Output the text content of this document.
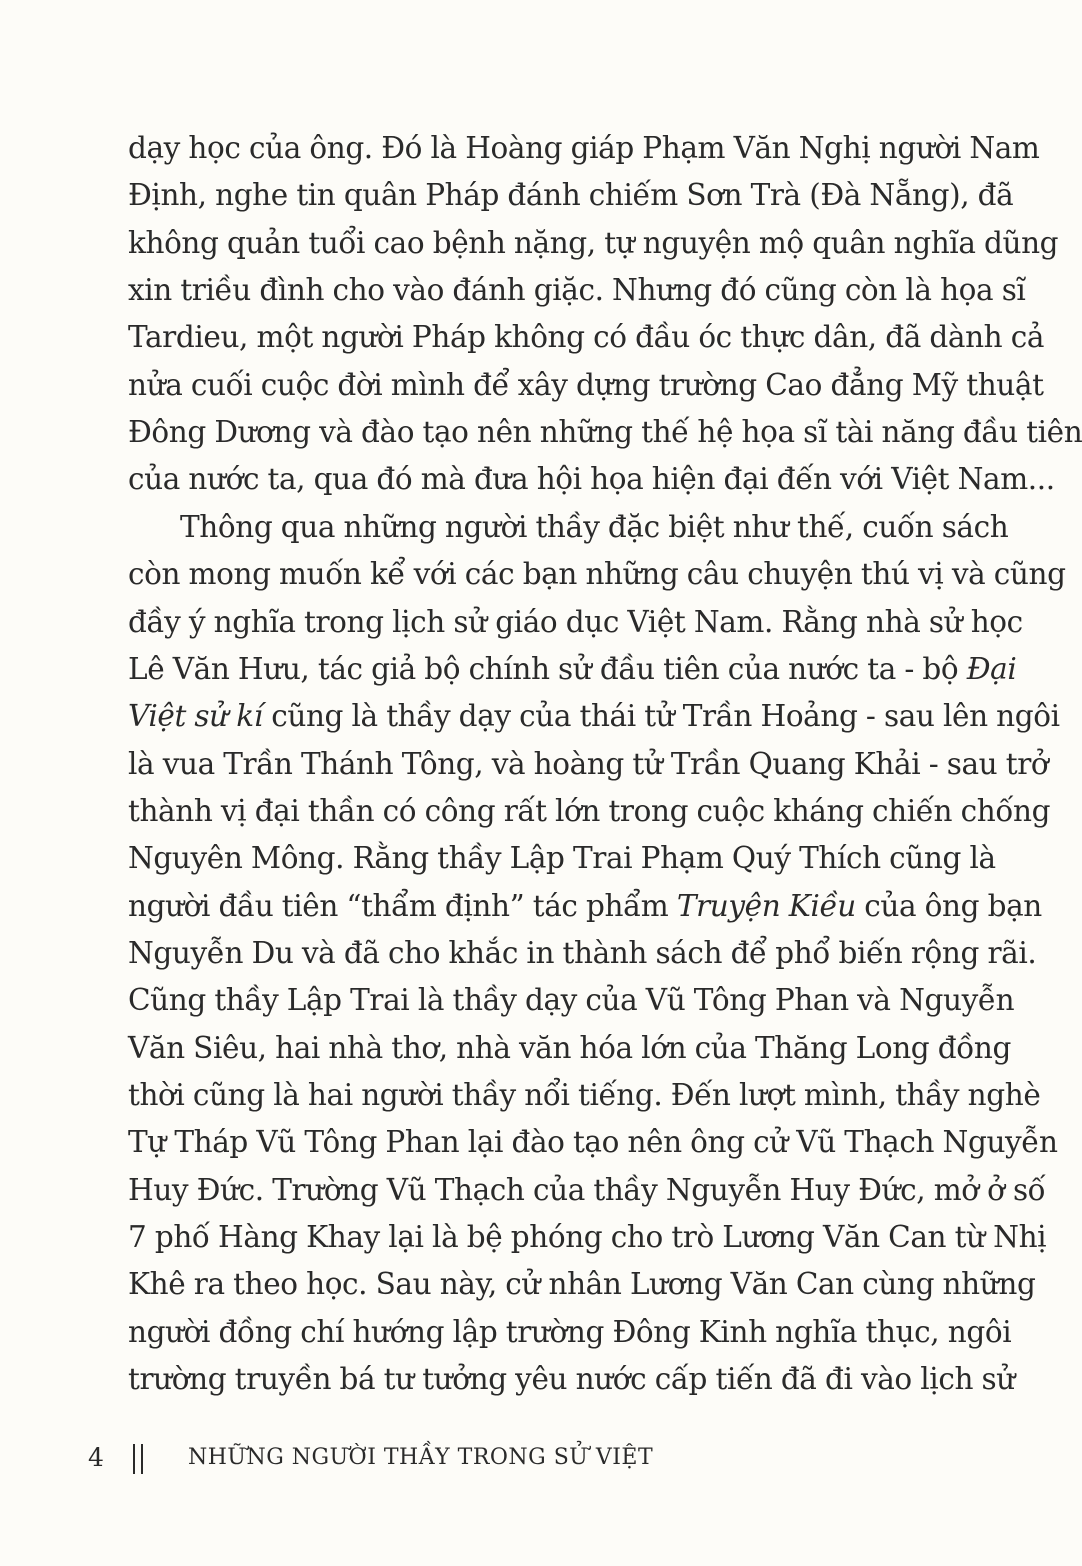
dạy học của ông. Đó là Hoàng giáp Phạm Văn Nghị người Nam
Định, nghe tin quân Pháp đánh chiếm Sơn Trà (Đà Nẵng), đã
không quản tuổi cao bệnh nặng, tự nguyện mộ quân nghĩa dũng
xin triều đình cho vào đánh giặc. Nhưng đó cũng còn là họa sĩ
Tardieu, một người Pháp không có đầu óc thực dân, đã dành cả
nửa cuối cuộc đời mình để xây dựng trường Cao đẳng Mỹ thuật
Đông Dương và đào tạo nên những thế hệ họa sĩ tài năng đầu tiên
của nước ta, qua đó mà đưa hội họa hiện đại đến với Việt Nam...
Thông qua những người thầy đặc biệt như thế, cuốn sách
còn mong muốn kể với các bạn những câu chuyện thú vị và cũng
đầy ý nghĩa trong lịch sử giáo dục Việt Nam. Rằng nhà sử học
Lê Văn Hưu, tác giả bộ chính sử đầu tiên của nước ta - bộ Đại
Việt sử kí cũng là thầy dạy của thái tử Trần Hoảng - sau lên ngôi
là vua Trần Thánh Tông, và hoàng tử Trần Quang Khải - sau trở
thành vị đại thần có công rất lớn trong cuộc kháng chiến chống
Nguyên Mông. Rằng thầy Lập Trai Phạm Quý Thích cũng là
người đầu tiên “thẩm định” tác phẩm Truyện Kiều của ông bạn
Nguyễn Du và đã cho khắc in thành sách để phổ biến rộng rãi.
Cũng thầy Lập Trai là thầy dạy của Vũ Tông Phan và Nguyễn
Văn Siêu, hai nhà thơ, nhà văn hóa lớn của Thăng Long đồng
thời cũng là hai người thầy nổi tiếng. Đến lượt mình, thầy nghè
Tự Tháp Vũ Tông Phan lại đào tạo nên ông cử Vũ Thạch Nguyễn
Huy Đức. Trường Vũ Thạch của thầy Nguyễn Huy Đức, mở ở số
7 phố Hàng Khay lại là bệ phóng cho trò Lương Văn Can từ Nhị
Khê ra theo học. Sau này, cử nhân Lương Văn Can cùng những
người đồng chí hướng lập trường Đông Kinh nghĩa thục, ngôi
trường truyền bá tư tưởng yêu nước cấp tiến đã đi vào lịch sử
4	NHỮNG NGƯỜI THẦY TRONG SỬ VIỆT
